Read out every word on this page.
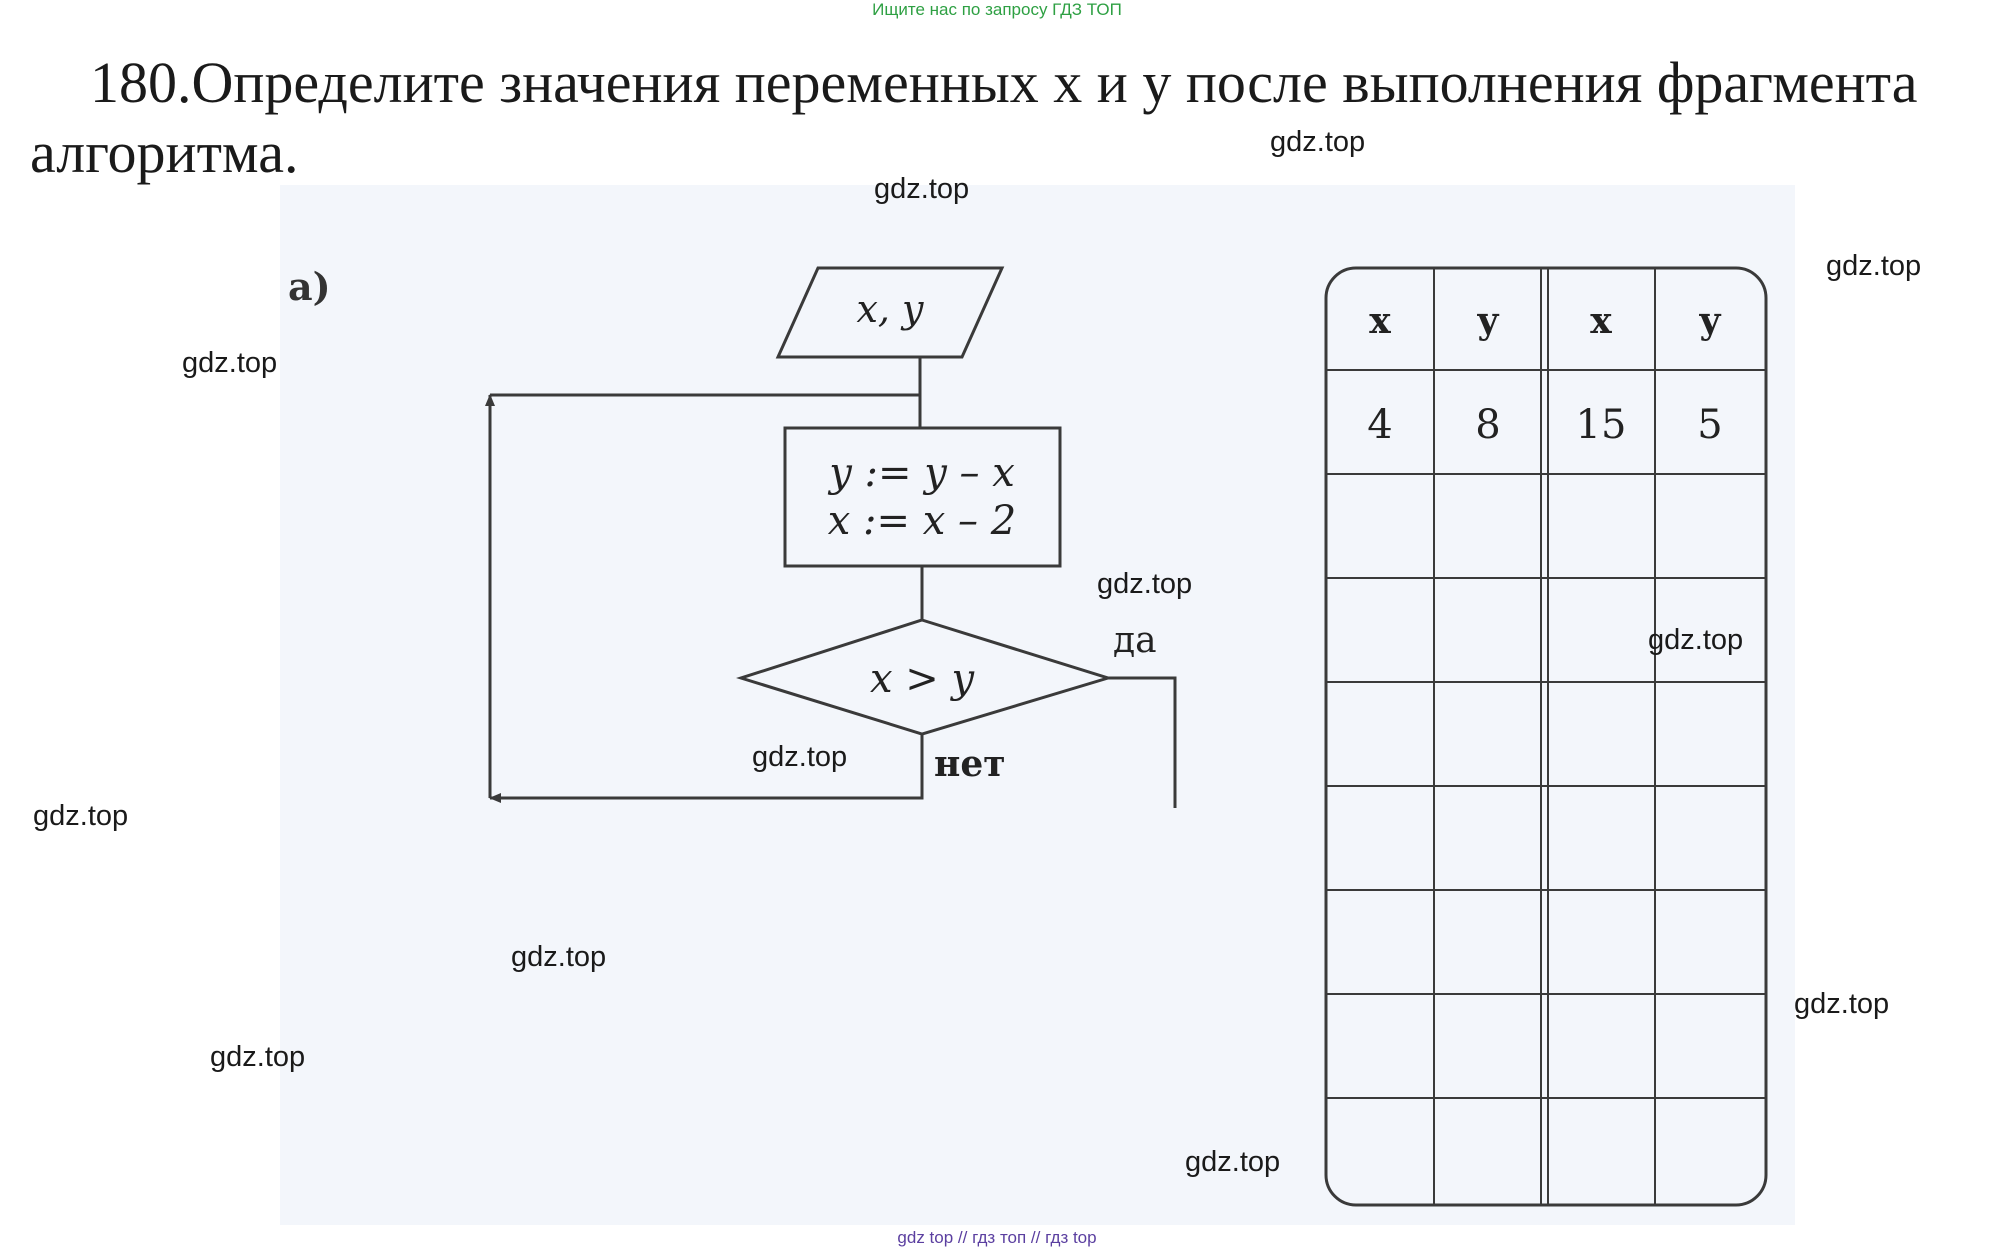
Ищите нас по запросу ГДЗ ТОП
180.Определите значения переменных x и y после выполнения фрагмента
алгоритма.
a)	x, y
y := y – x
x := x – 2
x > y
да
нет
x y	x y
4 8 15 5
gdz.top
gdz.top
gdz.top
gdz.top
gdz.top
gdz.top
gdz.top
gdz.top
gdz.top
gdz.top
gdz.top
gdz.top
gdz top // гдз топ // гдз top
